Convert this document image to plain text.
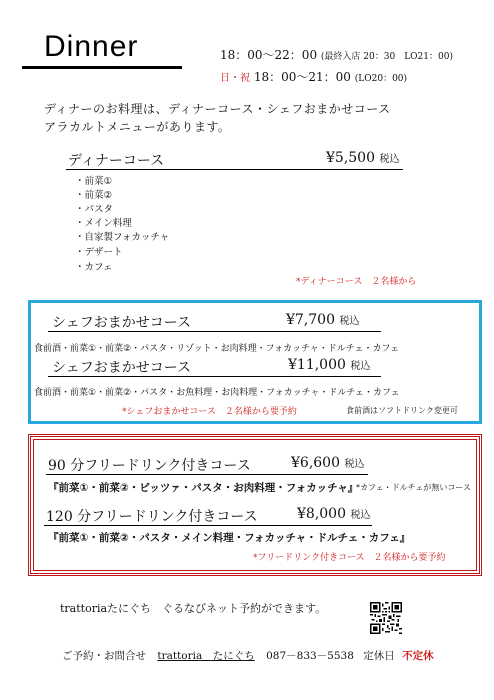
Dinner	18：00～22：00 (最終入店 20：30　LO21：00)
日・祝 18：00～21：00 (LO20：00)
ディナーのお料理は、ディナーコース・シェフおまかせコース
アラカルトメニューがあります。
ディナーコース	¥5,500 税込
・前菜①
・前菜②
・パスタ
・メイン料理
・自家製フォカッチャ
・デザート
・カフェ
*ディナーコース　２名様から
シェフおまかせコース	¥7,700 税込
食前酒・前菜①・前菜②・パスタ・リゾット・お肉料理・フォカッチャ・ドルチェ・カフェ
シェフおまかせコース	¥11,000 税込
食前酒・前菜①・前菜②・パスタ・お魚料理・お肉料理・フォカッチャ・ドルチェ・カフェ
*シェフおまかせコース　２名様から要予約	食前酒はソフトドリンク変更可
90 分フリードリンク付きコース	¥6,600 税込
『前菜①・前菜②・ピッツァ・パスタ・お肉料理・フォカッチャ』
*カフェ・ドルチェが無いコース
120 分フリードリンク付きコース	¥8,000 税込
『前菜①・前菜②・パスタ・メイン料理・フォカッチャ・ドルチェ・カフェ』
*フリードリンク付きコース　２名様から要予約
trattoriaたにぐち　ぐるなびネット予約ができます。
ご予約・お問合せ trattoria　たにぐち 087－833－5538 定休日 不定休
